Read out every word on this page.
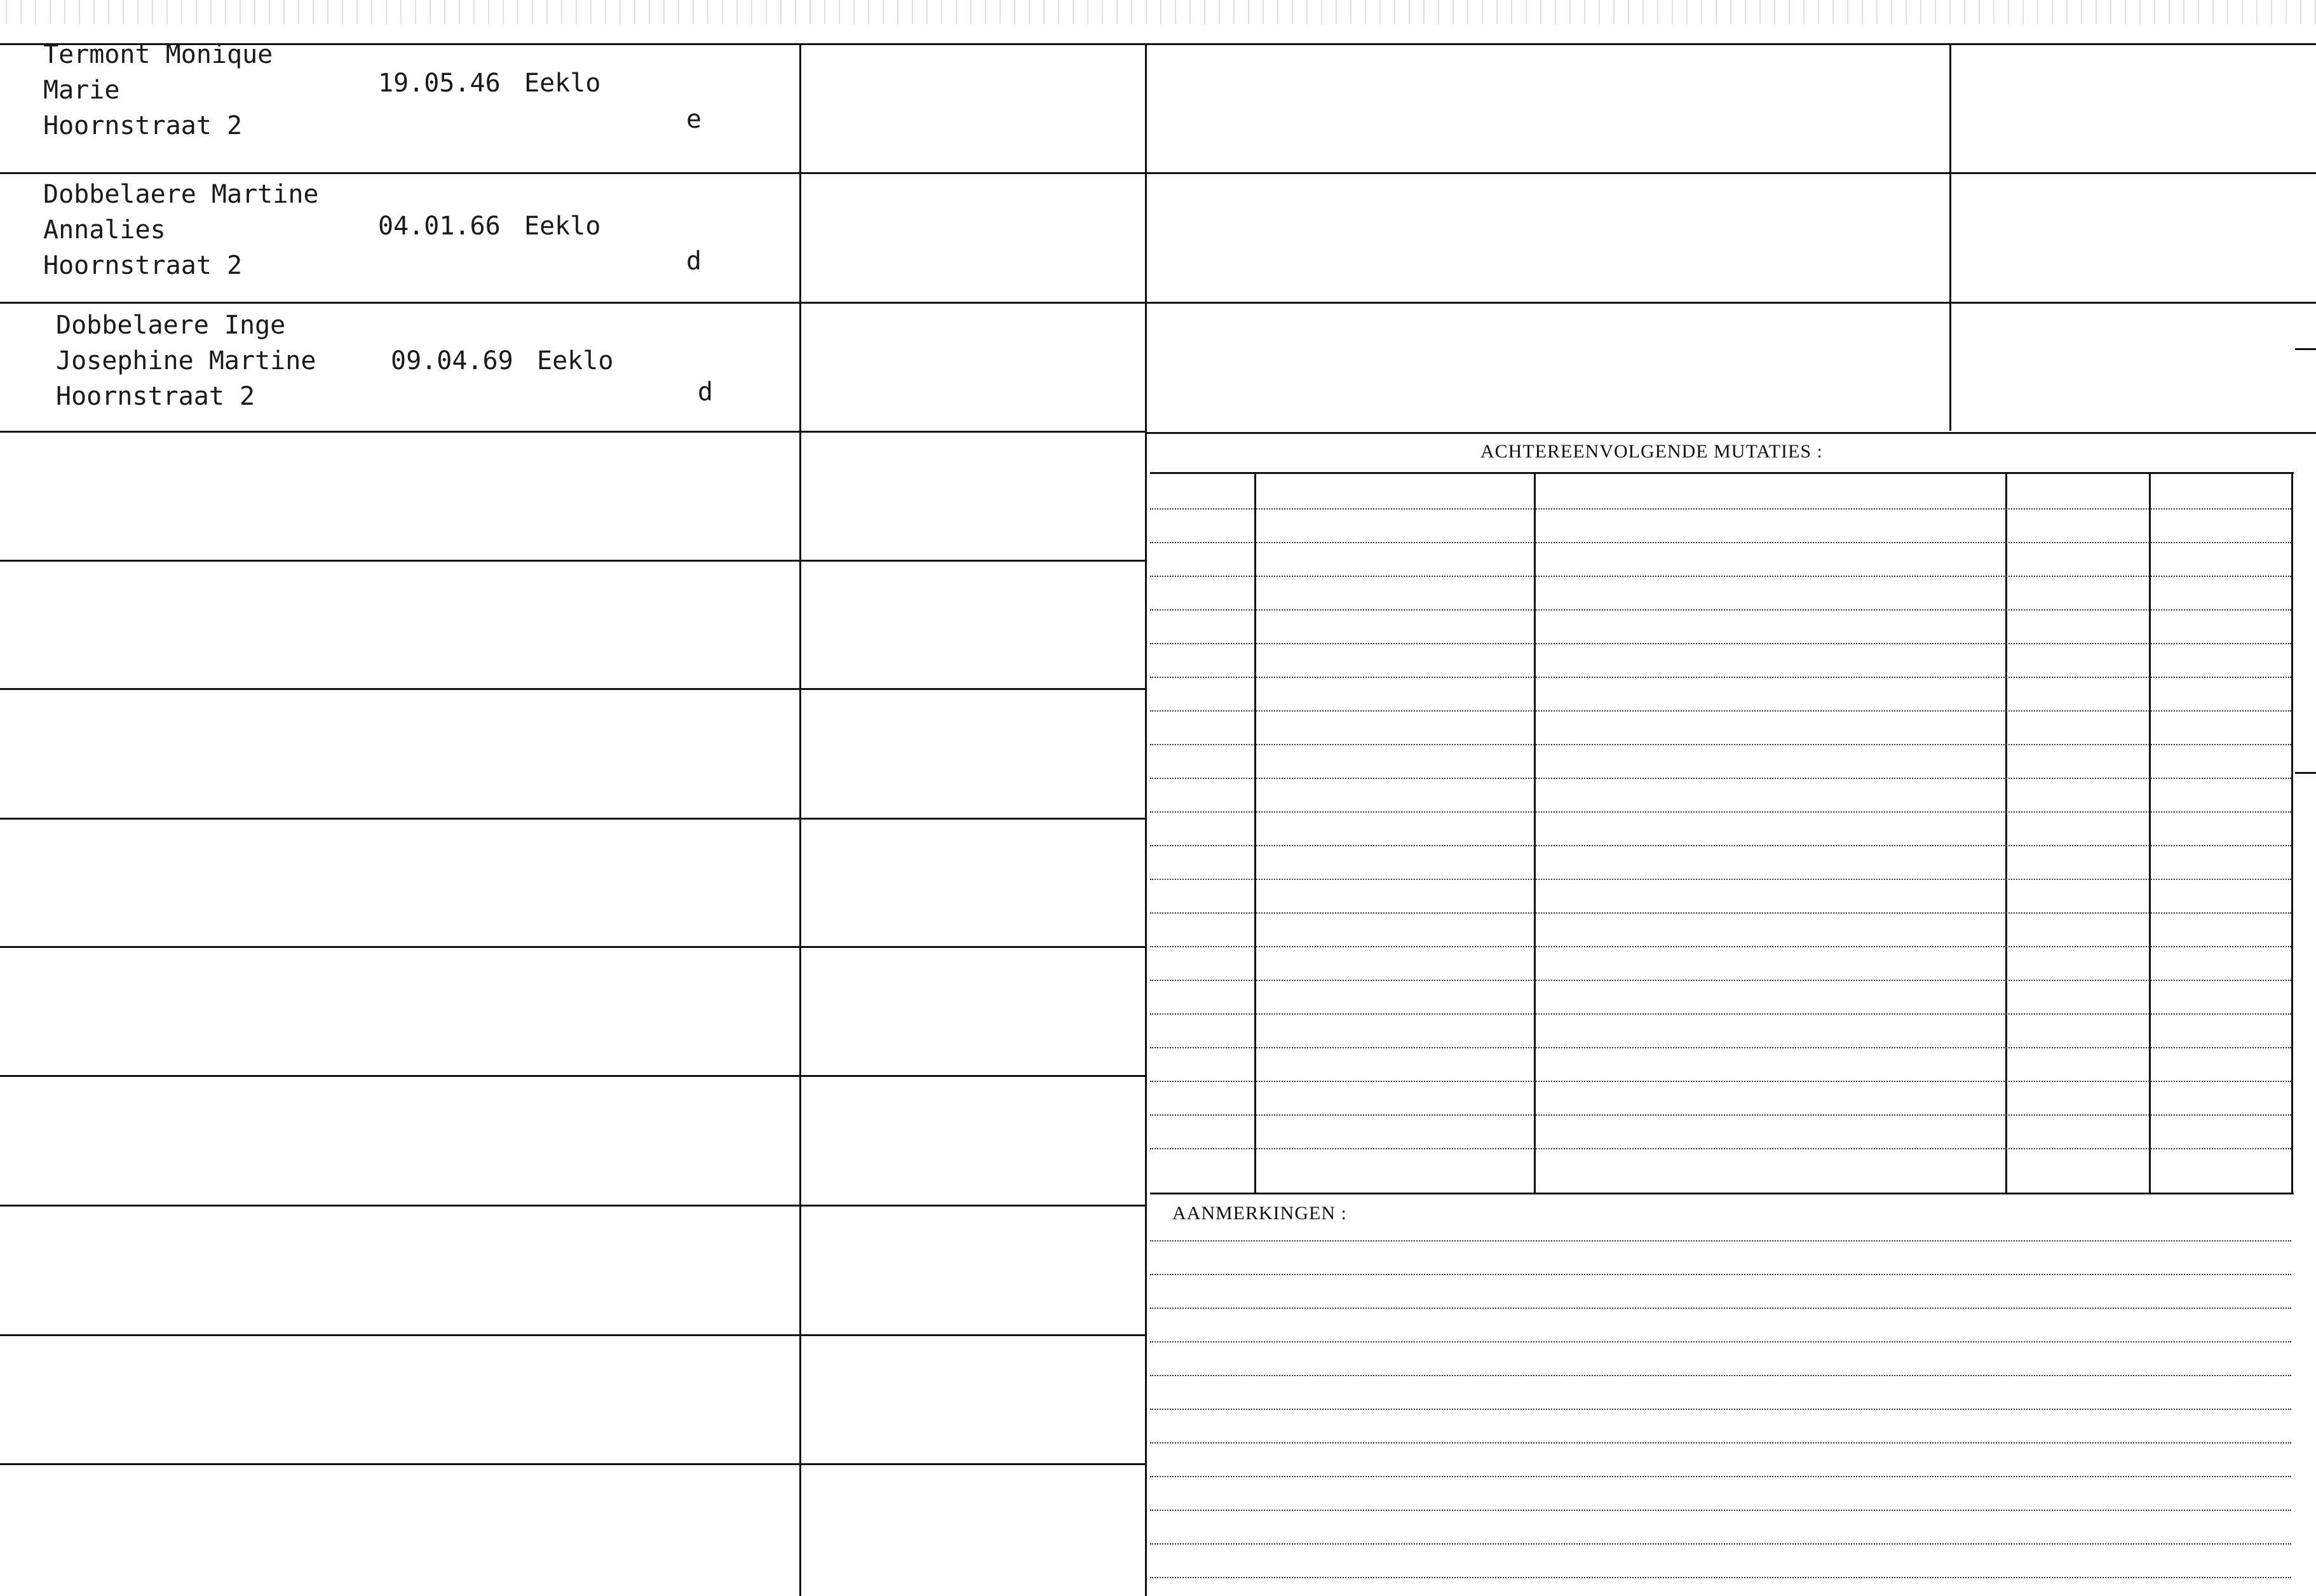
Termont Monique
Marie	19.05.46 Eeklo
Hoornstraat 2	e
Dobbelaere Martine
Annalies	04.01.66 Eeklo
Hoornstraat 2	d
Dobbelaere Inge
Josephine Martine	09.04.69 Eeklo
Hoornstraat 2	d
ACHTEREENVOLGENDE MUTATIES :
AANMERKINGEN :
